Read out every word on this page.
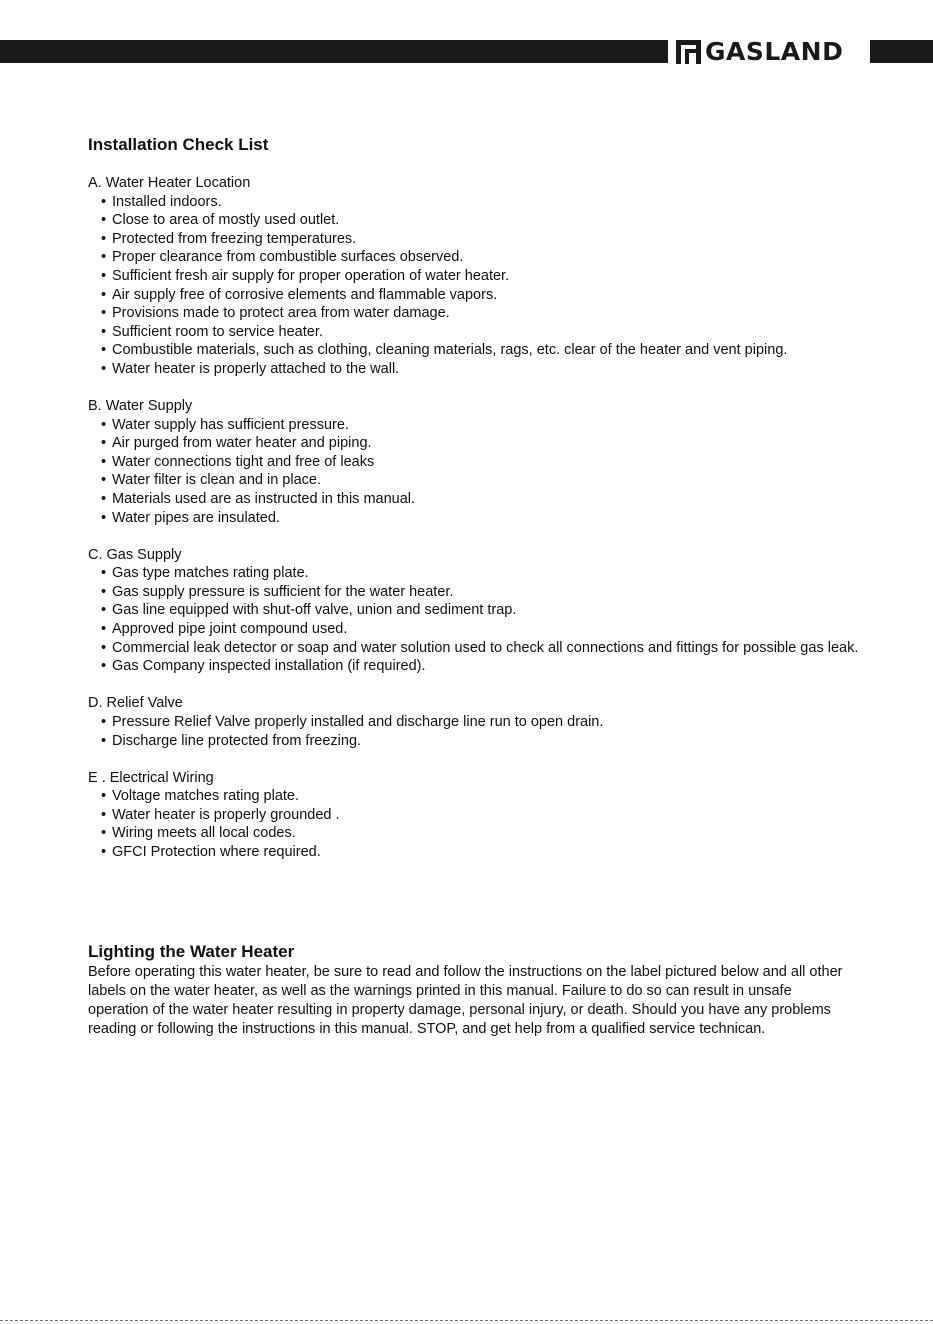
GASLAND
Installation Check List
A. Water Heater Location
• Installed indoors.
• Close to area of mostly used outlet.
• Protected from freezing temperatures.
• Proper clearance from combustible surfaces observed.
• Sufficient fresh air supply for proper operation of water heater.
• Air supply free of corrosive elements and flammable vapors.
• Provisions made to protect area from water damage.
• Sufficient room to service heater.
• Combustible materials, such as clothing, cleaning materials, rags, etc. clear of the heater and vent piping.
• Water heater is properly attached to the wall.
B. Water Supply
• Water supply has sufficient pressure.
• Air purged from water heater and piping.
• Water connections tight and free of leaks
• Water filter is clean and in place.
• Materials used are as instructed in this manual.
• Water pipes are insulated.
C. Gas Supply
• Gas type matches rating plate.
• Gas supply pressure is sufficient for the water heater.
• Gas line equipped with shut-off valve, union and sediment trap.
• Approved pipe joint compound used.
• Commercial leak detector or soap and water solution used to check all connections and fittings for possible gas leak.
• Gas Company inspected installation (if required).
D. Relief Valve
• Pressure Relief Valve properly installed and discharge line run to open drain.
• Discharge line protected from freezing.
E . Electrical Wiring
• Voltage matches rating plate.
• Water heater is properly grounded .
• Wiring meets all local codes.
• GFCI Protection where required.
Lighting the Water Heater

Before operating this water heater, be sure to read and follow the instructions on the label pictured below and all other labels on the water heater, as well as the warnings printed in this manual. Failure to do so can result in unsafe operation of the water heater resulting in property damage, personal injury, or death. Should you have any problems reading or following the instructions in this manual. STOP, and get help from a qualified service technican.
